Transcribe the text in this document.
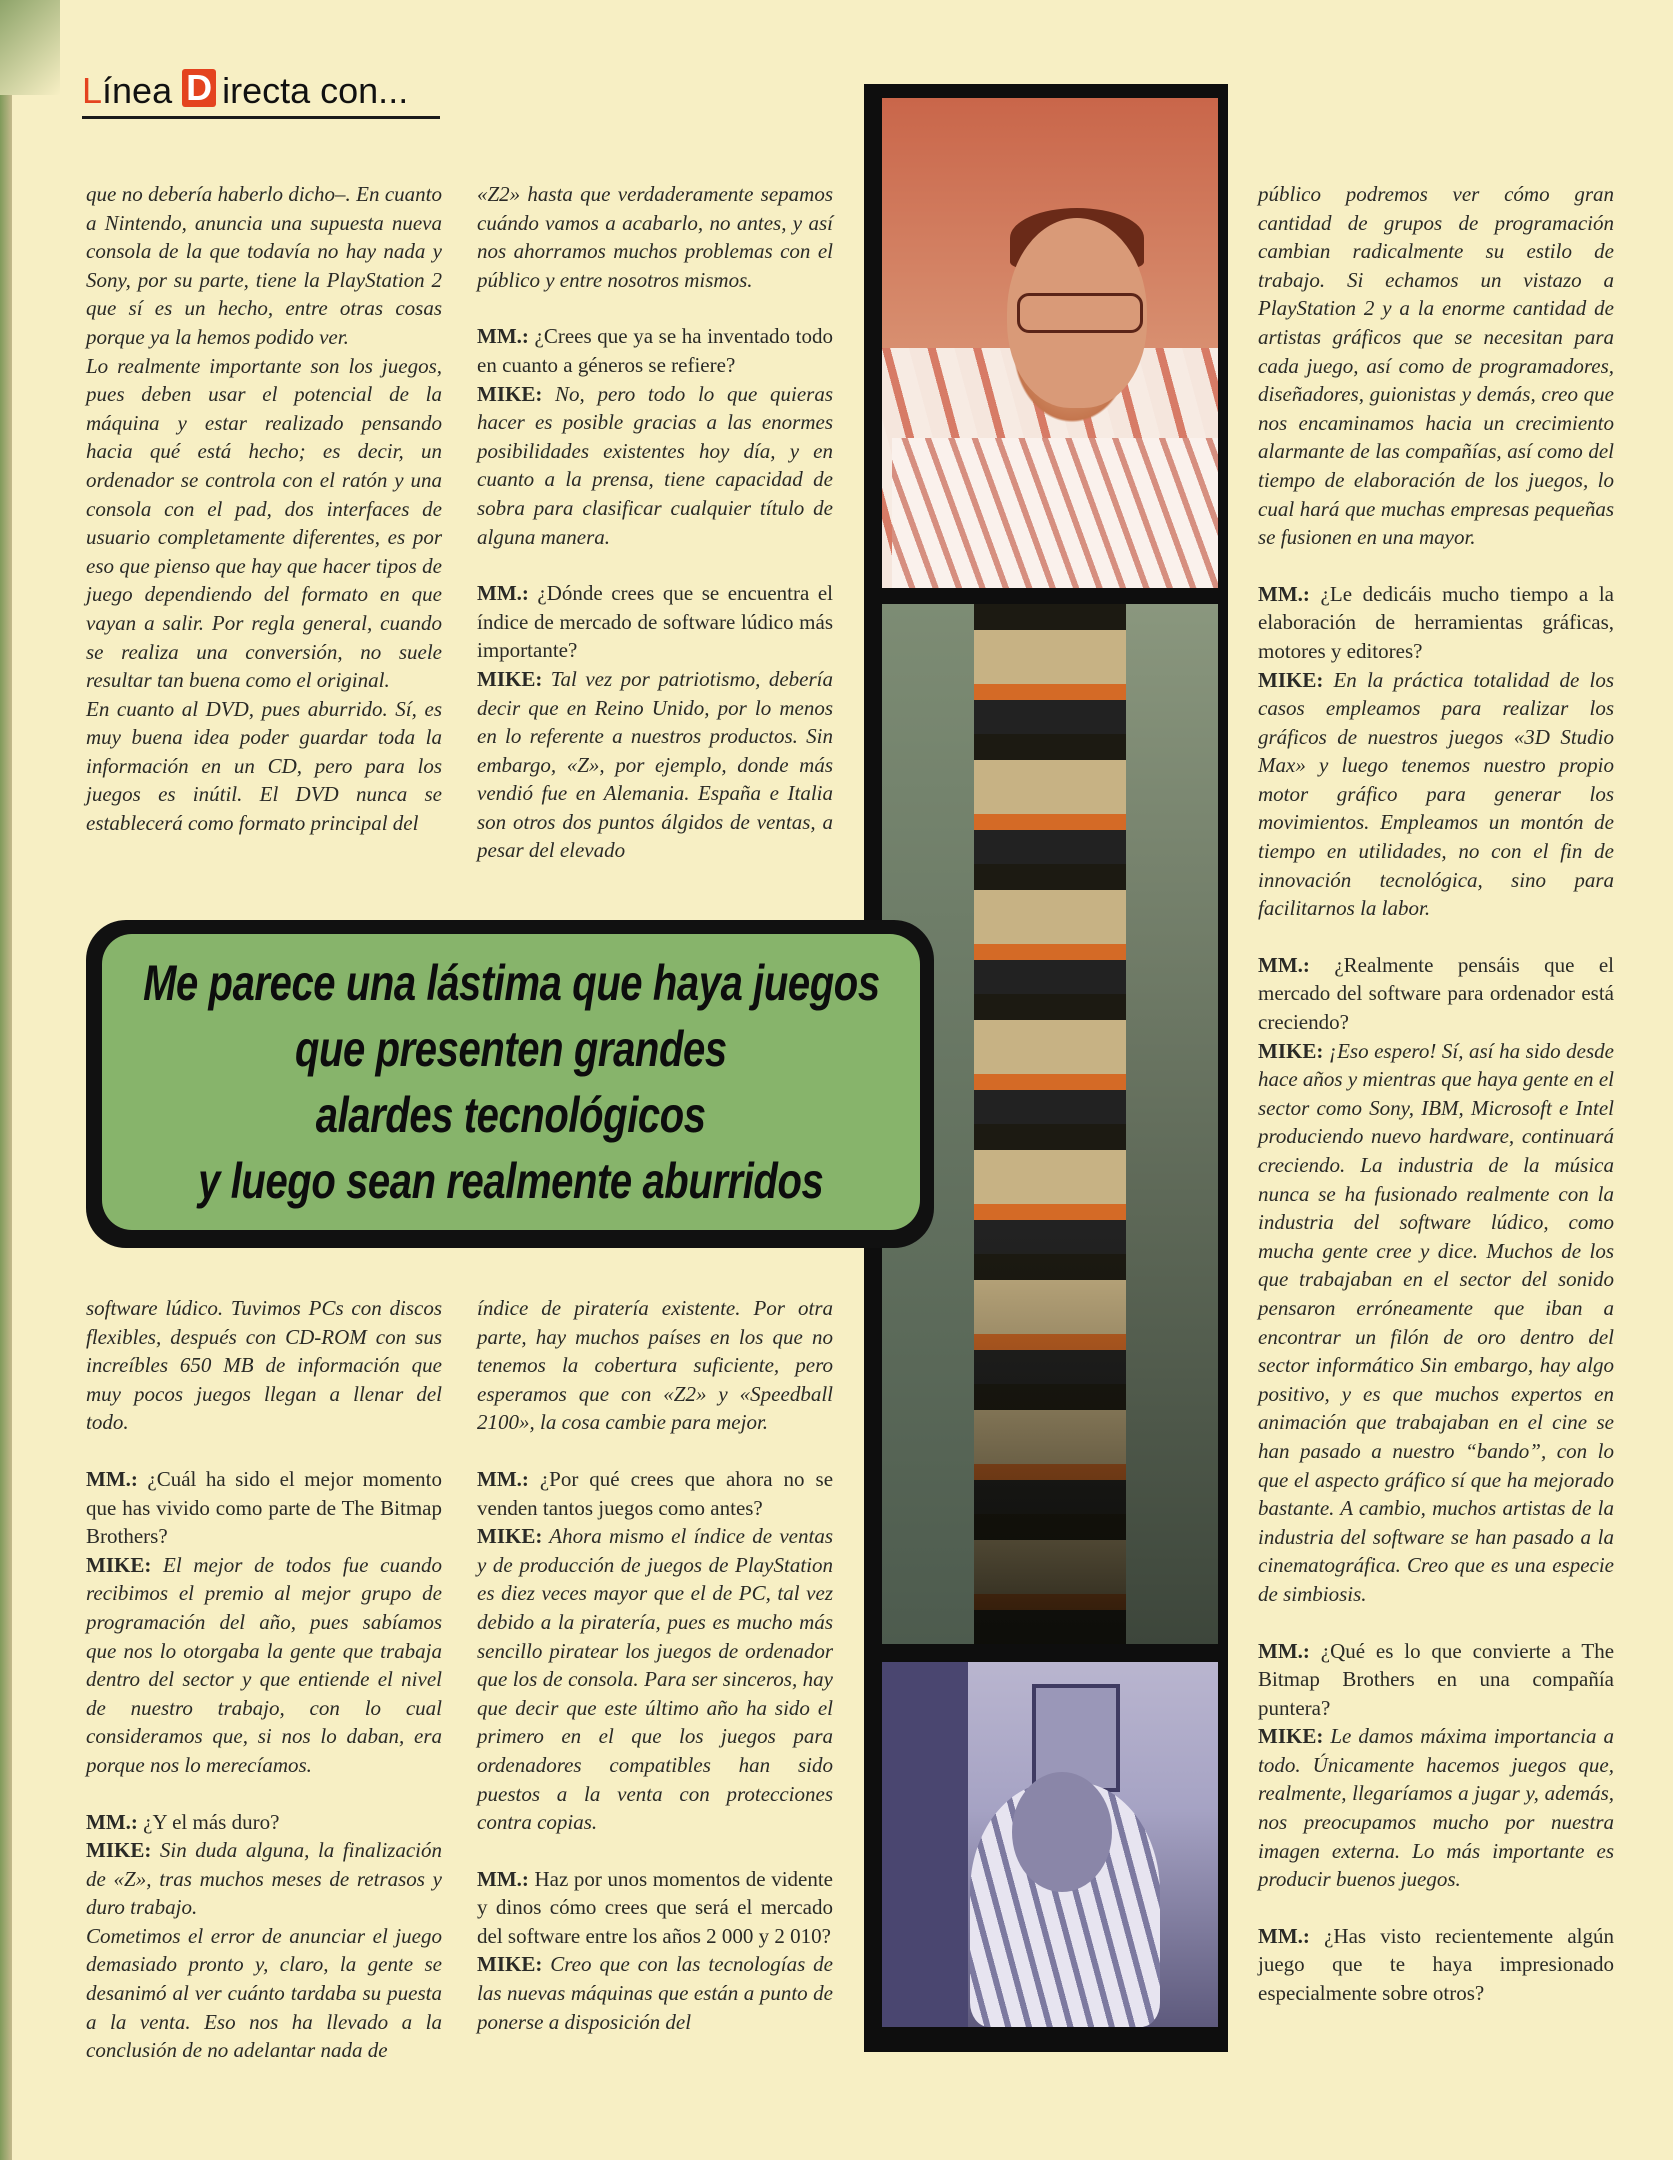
Línea D irecta con...

que no debería haberlo dicho–. En cuanto a Nintendo, anuncia una supuesta nueva consola de la que todavía no hay nada y Sony, por su parte, tiene la PlayStation 2 que sí es un hecho, entre otras cosas porque ya la hemos podido ver.

Lo realmente importante son los juegos, pues deben usar el potencial de la máquina y estar realizado pensando hacia qué está hecho; es decir, un ordenador se controla con el ratón y una consola con el pad, dos interfaces de usuario completamente diferentes, es por eso que pienso que hay que hacer tipos de juego dependiendo del formato en que vayan a salir. Por regla general, cuando se realiza una conversión, no suele resultar tan buena como el original.

En cuanto al DVD, pues aburrido. Sí, es muy buena idea poder guardar toda la información en un CD, pero para los juegos es inútil. El DVD nunca se establecerá como formato principal del

«Z2» hasta que verdaderamente sepamos cuándo vamos a acabarlo, no antes, y así nos ahorramos muchos problemas con el público y entre nosotros mismos.

MM.: ¿Crees que ya se ha inventado todo en cuanto a géneros se refiere?

MIKE: No, pero todo lo que quieras hacer es posible gracias a las enormes posibilidades existentes hoy día, y en cuanto a la prensa, tiene capacidad de sobra para clasificar cualquier título de alguna manera.

MM.: ¿Dónde crees que se encuentra el índice de mercado de software lúdico más importante?

MIKE: Tal vez por patriotismo, debería decir que en Reino Unido, por lo menos en lo referente a nuestros productos. Sin embargo, «Z», por ejemplo, donde más vendió fue en Alemania. España e Italia son otros dos puntos álgidos de ventas, a pesar del elevado

Me parece una lástima que haya juegos
que presenten grandes
alardes tecnológicos
y luego sean realmente aburridos

software lúdico. Tuvimos PCs con discos flexibles, después con CD-ROM con sus increíbles 650 MB de información que muy pocos juegos llegan a llenar del todo.

MM.: ¿Cuál ha sido el mejor momento que has vivido como parte de The Bitmap Brothers?

MIKE: El mejor de todos fue cuando recibimos el premio al mejor grupo de programación del año, pues sabíamos que nos lo otorgaba la gente que trabaja dentro del sector y que entiende el nivel de nuestro trabajo, con lo cual consideramos que, si nos lo daban, era porque nos lo merecíamos.

MM.: ¿Y el más duro?

MIKE: Sin duda alguna, la finalización de «Z», tras muchos meses de retrasos y duro trabajo.

Cometimos el error de anunciar el juego demasiado pronto y, claro, la gente se desanimó al ver cuánto tardaba su puesta a la venta. Eso nos ha llevado a la conclusión de no adelantar nada de

índice de piratería existente. Por otra parte, hay muchos países en los que no tenemos la cobertura suficiente, pero esperamos que con «Z2» y «Speedball 2100», la cosa cambie para mejor.

MM.: ¿Por qué crees que ahora no se venden tantos juegos como antes?

MIKE: Ahora mismo el índice de ventas y de producción de juegos de PlayStation es diez veces mayor que el de PC, tal vez debido a la piratería, pues es mucho más sencillo piratear los juegos de ordenador que los de consola. Para ser sinceros, hay que decir que este último año ha sido el primero en el que los juegos para ordenadores compatibles han sido puestos a la venta con protecciones contra copias.

MM.: Haz por unos momentos de vidente y dinos cómo crees que será el mercado del software entre los años 2 000 y 2 010?

MIKE: Creo que con las tecnologías de las nuevas máquinas que están a punto de ponerse a disposición del

público podremos ver cómo gran cantidad de grupos de programación cambian radicalmente su estilo de trabajo. Si echamos un vistazo a PlayStation 2 y a la enorme cantidad de artistas gráficos que se necesitan para cada juego, así como de programadores, diseñadores, guionistas y demás, creo que nos encaminamos hacia un crecimiento alarmante de las compañías, así como del tiempo de elaboración de los juegos, lo cual hará que muchas empresas pequeñas se fusionen en una mayor.

MM.: ¿Le dedicáis mucho tiempo a la elaboración de herramientas gráficas, motores y editores?

MIKE: En la práctica totalidad de los casos empleamos para realizar los gráficos de nuestros juegos «3D Studio Max» y luego tenemos nuestro propio motor gráfico para generar los movimientos. Empleamos un montón de tiempo en utilidades, no con el fin de innovación tecnológica, sino para facilitarnos la labor.

MM.: ¿Realmente pensáis que el mercado del software para ordenador está creciendo?

MIKE: ¡Eso espero! Sí, así ha sido desde hace años y mientras que haya gente en el sector como Sony, IBM, Microsoft e Intel produciendo nuevo hardware, continuará creciendo. La industria de la música nunca se ha fusionado realmente con la industria del software lúdico, como mucha gente cree y dice. Muchos de los que trabajaban en el sector del sonido pensaron erróneamente que iban a encontrar un filón de oro dentro del sector informático Sin embargo, hay algo positivo, y es que muchos expertos en animación que trabajaban en el cine se han pasado a nuestro “bando”, con lo que el aspecto gráfico sí que ha mejorado bastante. A cambio, muchos artistas de la industria del software se han pasado a la cinematográfica. Creo que es una especie de simbiosis.

MM.: ¿Qué es lo que convierte a The Bitmap Brothers en una compañía puntera?

MIKE: Le damos máxima importancia a todo. Únicamente hacemos juegos que, realmente, llegaríamos a jugar y, además, nos preocupamos mucho por nuestra imagen externa. Lo más importante es producir buenos juegos.

MM.: ¿Has visto recientemente algún juego que te haya impresionado especialmente sobre otros?
